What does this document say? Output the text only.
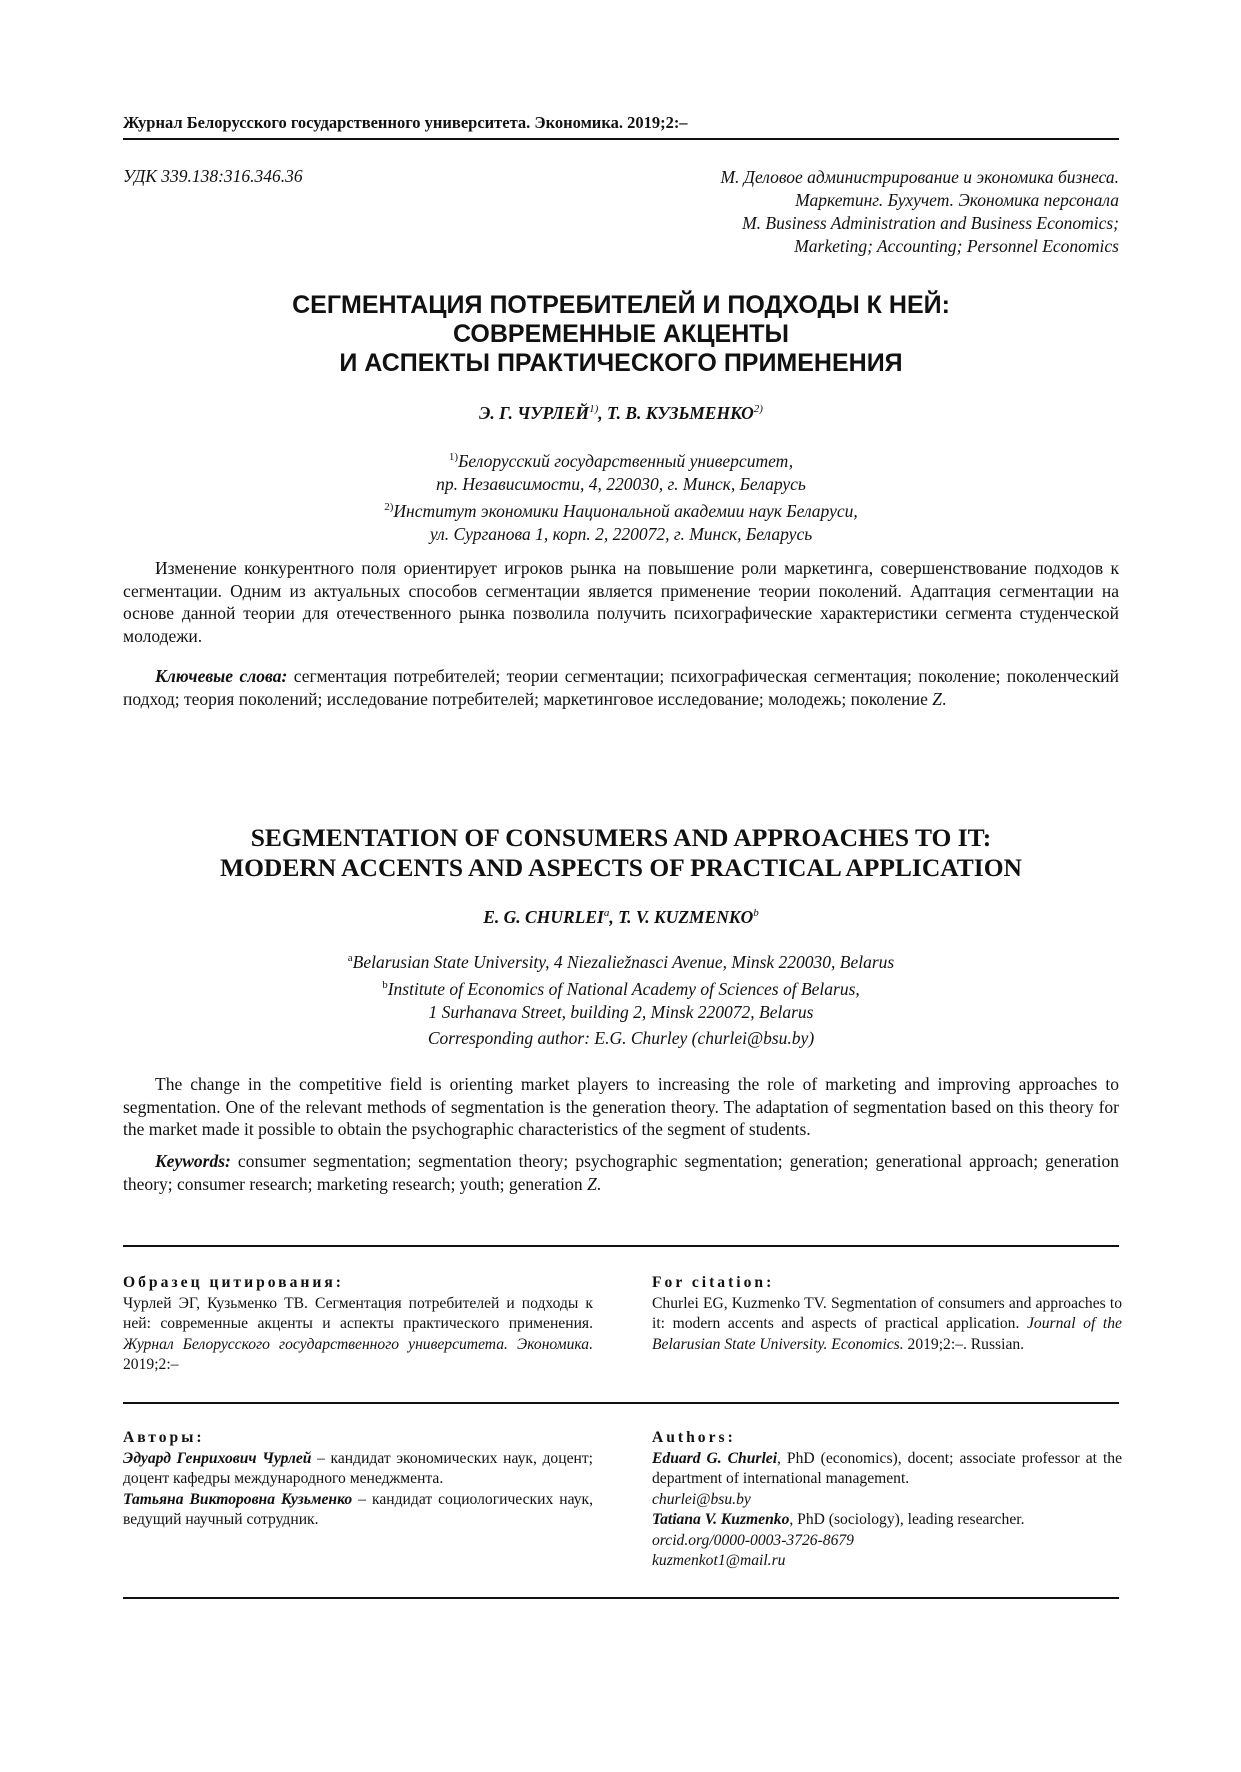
Журнал Белорусского государственного университета. Экономика. 2019;2:–
УДК 339.138:316.346.36	М. Деловое администрирование и экономика бизнеса.
Маркетинг. Бухучет. Экономика персонала
M. Business Administration and Business Economics;
Marketing; Accounting; Personnel Economics
СЕГМЕНТАЦИЯ ПОТРЕБИТЕЛЕЙ И ПОДХОДЫ К НЕЙ:
СОВРЕМЕННЫЕ АКЦЕНТЫ
И АСПЕКТЫ ПРАКТИЧЕСКОГО ПРИМЕНЕНИЯ
Э. Г. ЧУРЛЕЙ$^{1)}$, Т. В. КУЗЬМЕНКО$^{2)}$
$^{1)}$Белорусский государственный университет,
пр. Независимости, 4, 220030, г. Минск, Беларусь
$^{2)}$Институт экономики Национальной академии наук Беларуси,
ул. Сурганова 1, корп. 2, 220072, г. Минск, Беларусь

Изменение конкурентного поля ориентирует игроков рынка на повышение роли маркетинга, совершенствование подходов к сегментации. Одним из актуальных способов сегментации является применение теории поколений. Адаптация сегментации на основе данной теории для отечественного рынка позволила получить психографические характеристики сегмента студенческой молодежи.

Ключевые слова: сегментация потребителей; теории сегментации; психографическая сегментация; поколение; поколенческий подход; теория поколений; исследование потребителей; маркетинговое исследование; молодежь; поколение Z.

SEGMENTATION OF CONSUMERS AND APPROACHES TO IT:
MODERN ACCENTS AND ASPECTS OF PRACTICAL APPLICATION
E. G. CHURLEI$^a$, T. V. KUZMENKO$^b$
$^a$Belarusian State University, 4 Niezaliežnasci Avenue, Minsk 220030, Belarus
$^b$Institute of Economics of National Academy of Sciences of Belarus,
1 Surhanava Street, building 2, Minsk 220072, Belarus
Corresponding author: E.G. Churley (churlei@bsu.by)

The change in the competitive field is orienting market players to increasing the role of marketing and improving approaches to segmentation. One of the relevant methods of segmentation is the generation theory. The adaptation of segmentation based on this theory for the market made it possible to obtain the psychographic characteristics of the segment of students.

Keywords: consumer segmentation; segmentation theory; psychographic segmentation; generation; generational approach; generation theory; consumer research; marketing research; youth; generation Z.

Образец цитирования:
Чурлей ЭГ, Кузьменко ТВ. Сегментация потребителей и подходы к ней: современные акценты и аспекты практического применения. Журнал Белорусского государственного университета. Экономика. 2019;2:–
For citation:
Churlei EG, Kuzmenko TV. Segmentation of consumers and approaches to it: modern accents and aspects of practical application. Journal of the Belarusian State University. Economics. 2019;2:–. Russian.
Авторы:
Эдуард Генрихович Чурлей – кандидат экономических наук, доцент; доцент кафедры международного менеджмента.
Татьяна Викторовна Кузьменко – кандидат социологических наук, ведущий научный сотрудник.
Authors:
Eduard G. Churlei, PhD (economics), docent; associate professor at the department of international management.
churlei@bsu.by
Tatiana V. Kuzmenko, PhD (sociology), leading researcher.
orcid.org/0000-0003-3726-8679
kuzmenkot1@mail.ru
